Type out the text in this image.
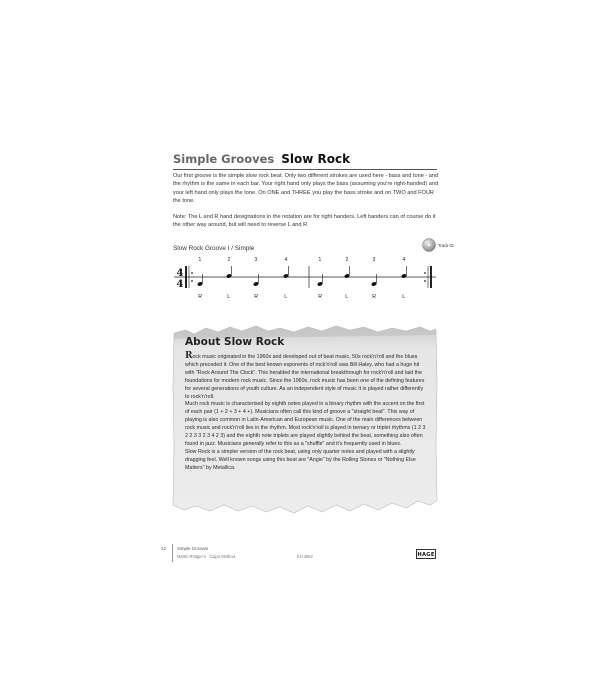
Simple Grooves Slow Rock

Our first groove is the simple slow rock beat. Only two different strokes are used here - bass and tone - and the rhythm is the same in each bar. Your right hand only plays the bass (assuming you're right-handed) and your left hand only plays the tone. On ONE and THREE you play the bass stroke and on TWO and FOUR the tone.

Note: The L and R hand designations in the notation are for right handers. Left handers can of course do it the other way around, but will need to reverse L and R

Slow Rock Groove I / Simple	Track 01
4
4
1
R
2
L
3
R
4
L
1
R
2
L
3
R
4
L
About Slow Rock

Rock music originated in the 1960s and developed out of beat music, 50s rock'n'roll and the blues which preceded it. One of the best known exponents of rock'n'roll was Bill Haley, who had a huge hit with "Rock Around The Clock". This heralded the international breakthrough for rock'n'roll and laid the foundations for modern rock music. Since the 1960s, rock music has been one of the defining features for several generations of youth culture. As an independent style of music it is played rather differently to rock'n'roll.

Much rock music is characterised by eighth notes played in a binary rhythm with the accent on the first of each pair (1 + 2 + 3 + 4 +). Musicians often call this kind of groove a "straight beat". This way of playing is also common in Latin-American and European music. One of the main differences between rock music and rock'n'roll lies in the rhythm. Most rock'n'roll is played in ternary or triplet rhythms (1 2 3 2 2 3 3 2 3 4 2 3) and the eighth note triplets are played slightly behind the beat, something also often found in jazz. Musicians generally refer to this as a "shuffle" and it's frequently used in blues.

Slow Rock is a simpler version of the rock beat, using only quarter notes and played with a slightly dragging feel. Well known songs using this beat are "Angie" by the Rolling Stones or "Nothing Else Matters" by Metallica.

22	Simple Grooves
Martin Röttger's · Cajon Method	EH 3962	HAGE
